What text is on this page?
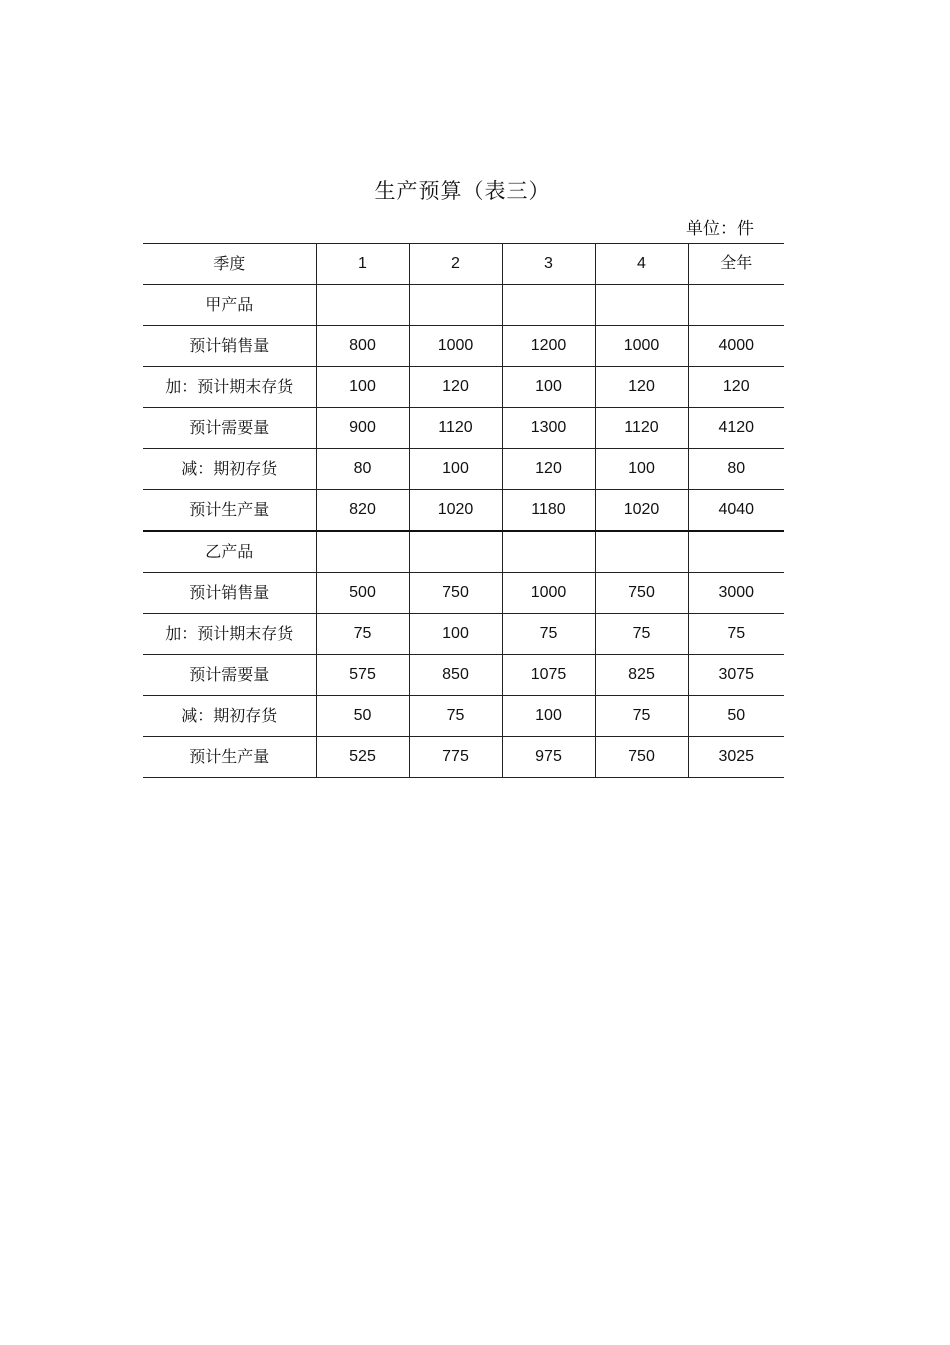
生产预算（表三）
单位：件
季度	1	2	3	4	全年
甲产品					
预计销售量	800	1000	1200	1000	4000
加：预计期末存货	100	120	100	120	120
预计需要量	900	1120	1300	1120	4120
减：期初存货	80	100	120	100	80
预计生产量	820	1020	1180	1020	4040
乙产品					
预计销售量	500	750	1000	750	3000
加：预计期末存货	75	100	75	75	75
预计需要量	575	850	1075	825	3075
减：期初存货	50	75	100	75	50
预计生产量	525	775	975	750	3025
